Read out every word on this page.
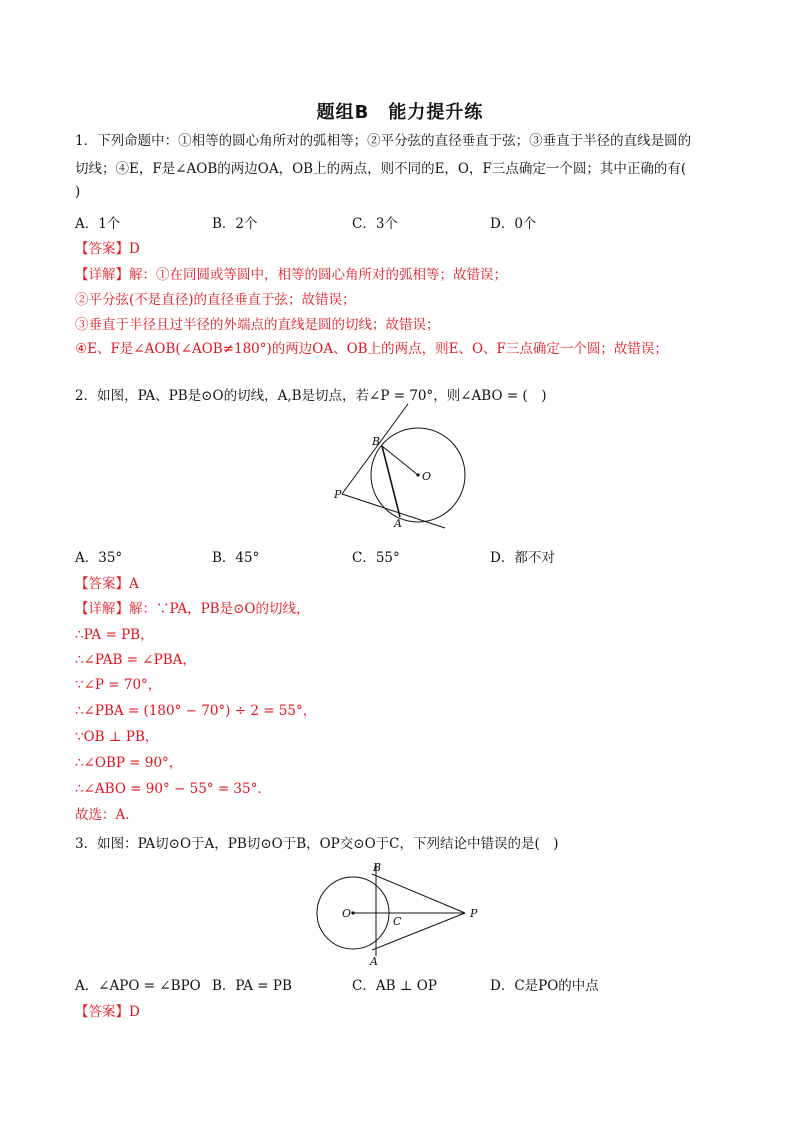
题组B　能力提升练
1．下列命题中：①相等的圆心角所对的弧相等；②平分弦的直径垂直于弦；③垂直于半径的直线是圆的
切线；④E，F是∠AOB的两边OA，OB上的两点，则不同的E，O，F三点确定一个圆；其中正确的有(
)
A．1个	B．2个	C．3个	D．0个
【答案】D
【详解】解：①在同圆或等圆中，相等的圆心角所对的弧相等；故错误；
②平分弦(不是直径)的直径垂直于弦；故错误；
③垂直于半径且过半径的外端点的直线是圆的切线；故错误；
④E、F是∠AOB(∠AOB≠180°)的两边OA、OB上的两点，则E、O、F三点确定一个圆；故错误；
2．如图，PA、PB是⊙O的切线，A,B是切点，若∠P = 70°，则∠ABO = (　)
B
O
P
A
A．35°	B．45°	C．55°	D．都不对
【答案】A
【详解】解：∵PA，PB是⊙O的切线，
∴PA = PB，
∴∠PAB = ∠PBA，
∵∠P = 70°，
∴∠PBA = (180° − 70°) ÷ 2 = 55°，
∵OB ⊥ PB，
∴∠OBP = 90°，
∴∠ABO = 90° − 55° = 35°．
故选：A．
3．如图：PA切⊙O于A，PB切⊙O于B，OP交⊙O于C，下列结论中错误的是(　)
B
O
C
P
A
A．∠APO = ∠BPO B．PA = PB	C．AB ⊥ OP	D．C是PO的中点
【答案】D
